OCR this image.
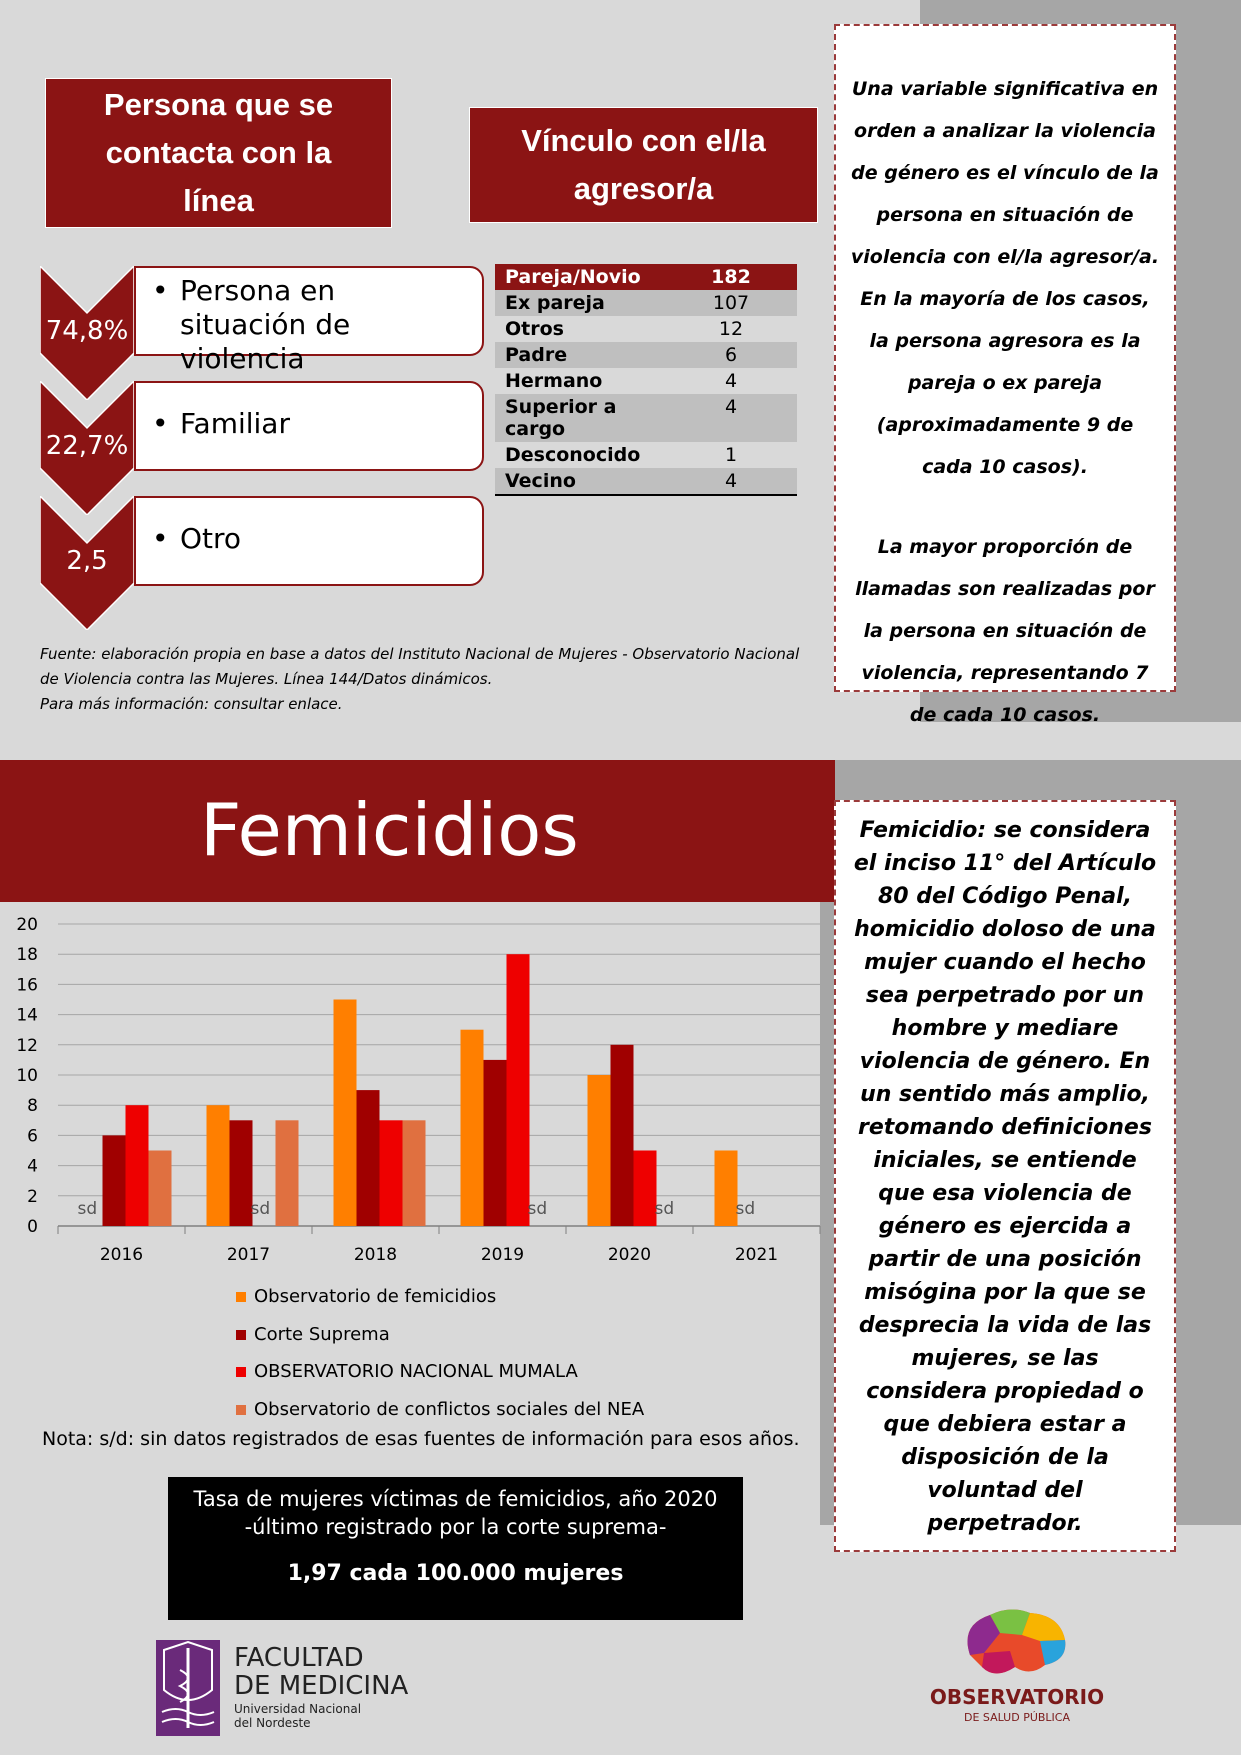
Persona que se contacta con la línea
74,8%
• Persona en situación de violencia
22,7%
• Familiar
2,5
• Otro
Vínculo con el/la agresor/a
Pareja/Novio	182
Ex pareja	107
Otros	12
Padre	6
Hermano	4
Superior a cargo	4
Desconocido	1
Vecino	4
Una variable significativa en orden a analizar la violencia de género es el vínculo de la persona en situación de violencia con el/la agresor/a. En la mayoría de los casos, la persona agresora es la pareja o ex pareja (aproximadamente 9 de cada 10 casos).
La mayor proporción de llamadas son realizadas por la persona en situación de violencia, representando 7 de cada 10 casos.
Fuente: elaboración propia en base a datos del Instituto Nacional de Mujeres - Observatorio Nacional de Violencia contra las Mujeres. Línea 144/Datos dinámicos.
Para más información: consultar enlace.
Femicidios
0
2
4
6
8
10
12
14
16
18
20
2016	2017	2018	2019	2020	2021
sd	sd	sd	sd	sd
Observatorio de femicidios
Corte Suprema
OBSERVATORIO NACIONAL MUMALA
Observatorio de conflictos sociales del NEA
Nota: s/d: sin datos registrados de esas fuentes de información para esos años.
Femicidio: se considera el inciso 11° del Artículo 80 del Código Penal, homicidio doloso de una mujer cuando el hecho sea perpetrado por un hombre y mediare violencia de género. En un sentido más amplio, retomando definiciones iniciales, se entiende que esa violencia de género es ejercida a partir de una posición misógina por la que se desprecia la vida de las mujeres, se las considera propiedad o que debiera estar a disposición de la voluntad del perpetrador.
Tasa de mujeres víctimas de femicidios, año 2020
-último registrado por la corte suprema-
1,97 cada 100.000 mujeres
FACULTAD
DE MEDICINA
Universidad Nacional
del Nordeste
OBSERVATORIO
DE SALUD PÚBLICA
